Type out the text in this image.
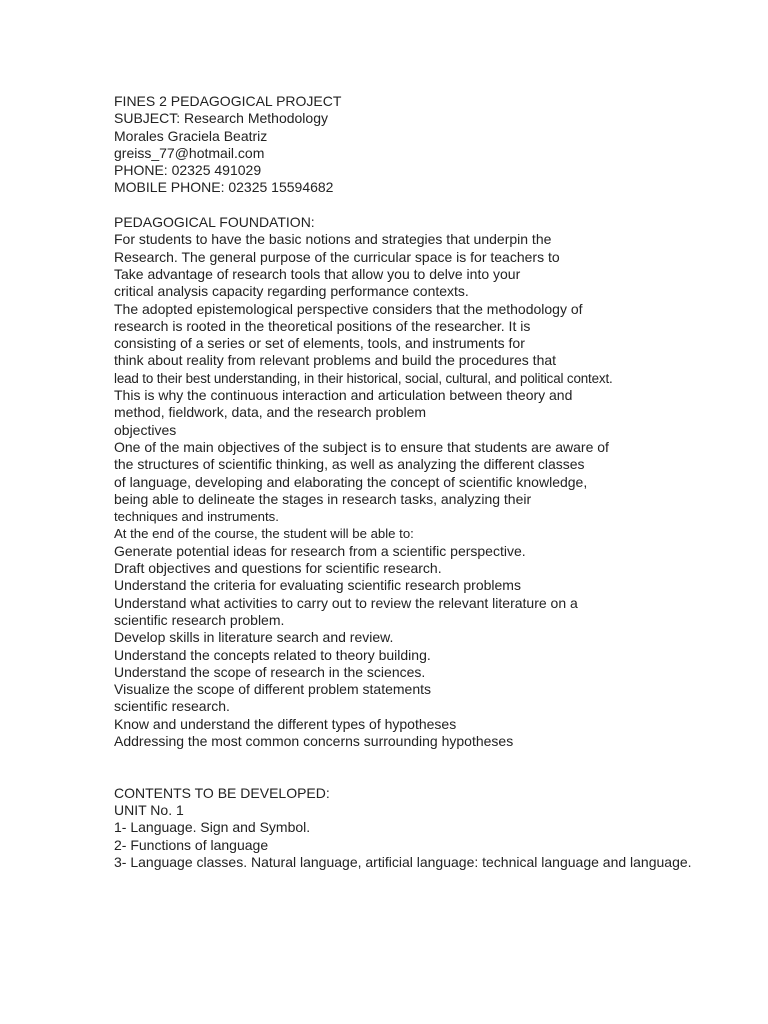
FINES 2 PEDAGOGICAL PROJECT
SUBJECT: Research Methodology
Morales Graciela Beatriz
greiss_77@hotmail.com
PHONE: 02325 491029
MOBILE PHONE: 02325 15594682
PEDAGOGICAL FOUNDATION:
For students to have the basic notions and strategies that underpin the
Research. The general purpose of the curricular space is for teachers to
Take advantage of research tools that allow you to delve into your
critical analysis capacity regarding performance contexts.
The adopted epistemological perspective considers that the methodology of
research is rooted in the theoretical positions of the researcher. It is
consisting of a series or set of elements, tools, and instruments for
think about reality from relevant problems and build the procedures that
lead to their best understanding, in their historical, social, cultural, and political context.
This is why the continuous interaction and articulation between theory and
method, fieldwork, data, and the research problem
objectives
One of the main objectives of the subject is to ensure that students are aware of
the structures of scientific thinking, as well as analyzing the different classes
of language, developing and elaborating the concept of scientific knowledge,
being able to delineate the stages in research tasks, analyzing their
techniques and instruments.
At the end of the course, the student will be able to:
Generate potential ideas for research from a scientific perspective.
Draft objectives and questions for scientific research.
Understand the criteria for evaluating scientific research problems
Understand what activities to carry out to review the relevant literature on a
scientific research problem.
Develop skills in literature search and review.
Understand the concepts related to theory building.
Understand the scope of research in the sciences.
Visualize the scope of different problem statements
scientific research.
Know and understand the different types of hypotheses
Addressing the most common concerns surrounding hypotheses
CONTENTS TO BE DEVELOPED:
UNIT No. 1
1- Language. Sign and Symbol.
2- Functions of language
3- Language classes. Natural language, artificial language: technical language and language.
